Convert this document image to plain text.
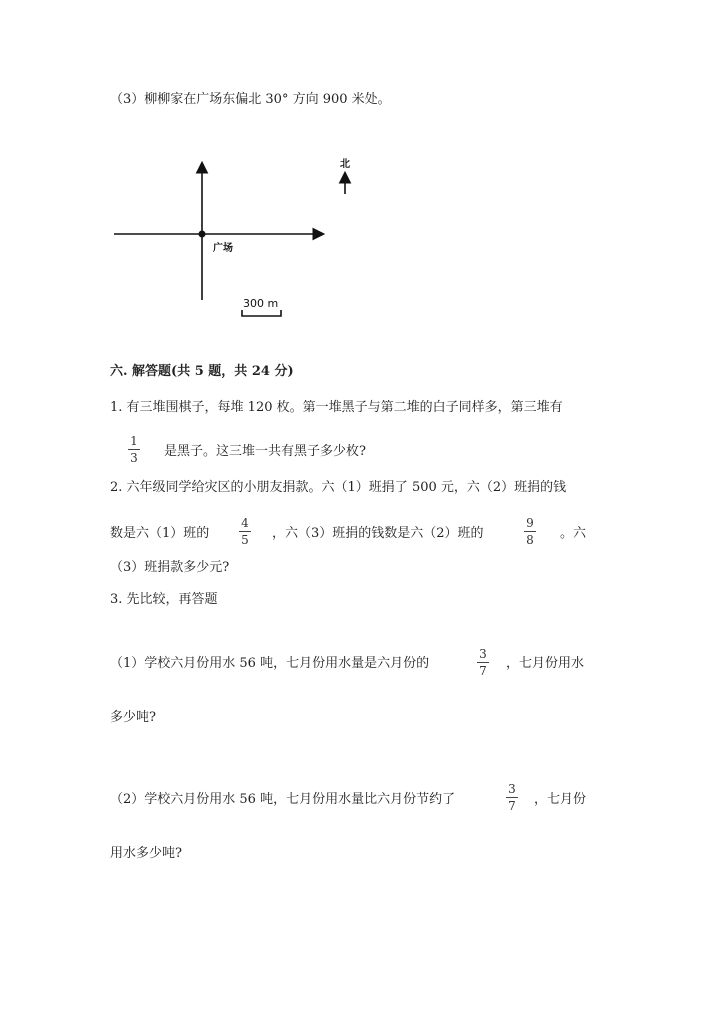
（3）柳柳家在广场东偏北 30° 方向 900 米处。
广场
北
300 m
六. 解答题(共 5 题，共 24 分)
1. 有三堆围棋子，每堆 120 枚。第一堆黑子与第二堆的白子同样多，第三堆有
1
3 是黑子。这三堆一共有黑子多少枚?
2. 六年级同学给灾区的小朋友捐款。六（1）班捐了 500 元，六（2）班捐的钱
数是六（1）班的
4
5 ，六（3）班捐的钱数是六（2）班的
9
8 。六
（3）班捐款多少元?
3. 先比较，再答题
（1）学校六月份用水 56 吨，七月份用水量是六月份的
3
7 ，七月份用水
多少吨?
（2）学校六月份用水 56 吨，七月份用水量比六月份节约了
3
7 ，七月份
用水多少吨?
